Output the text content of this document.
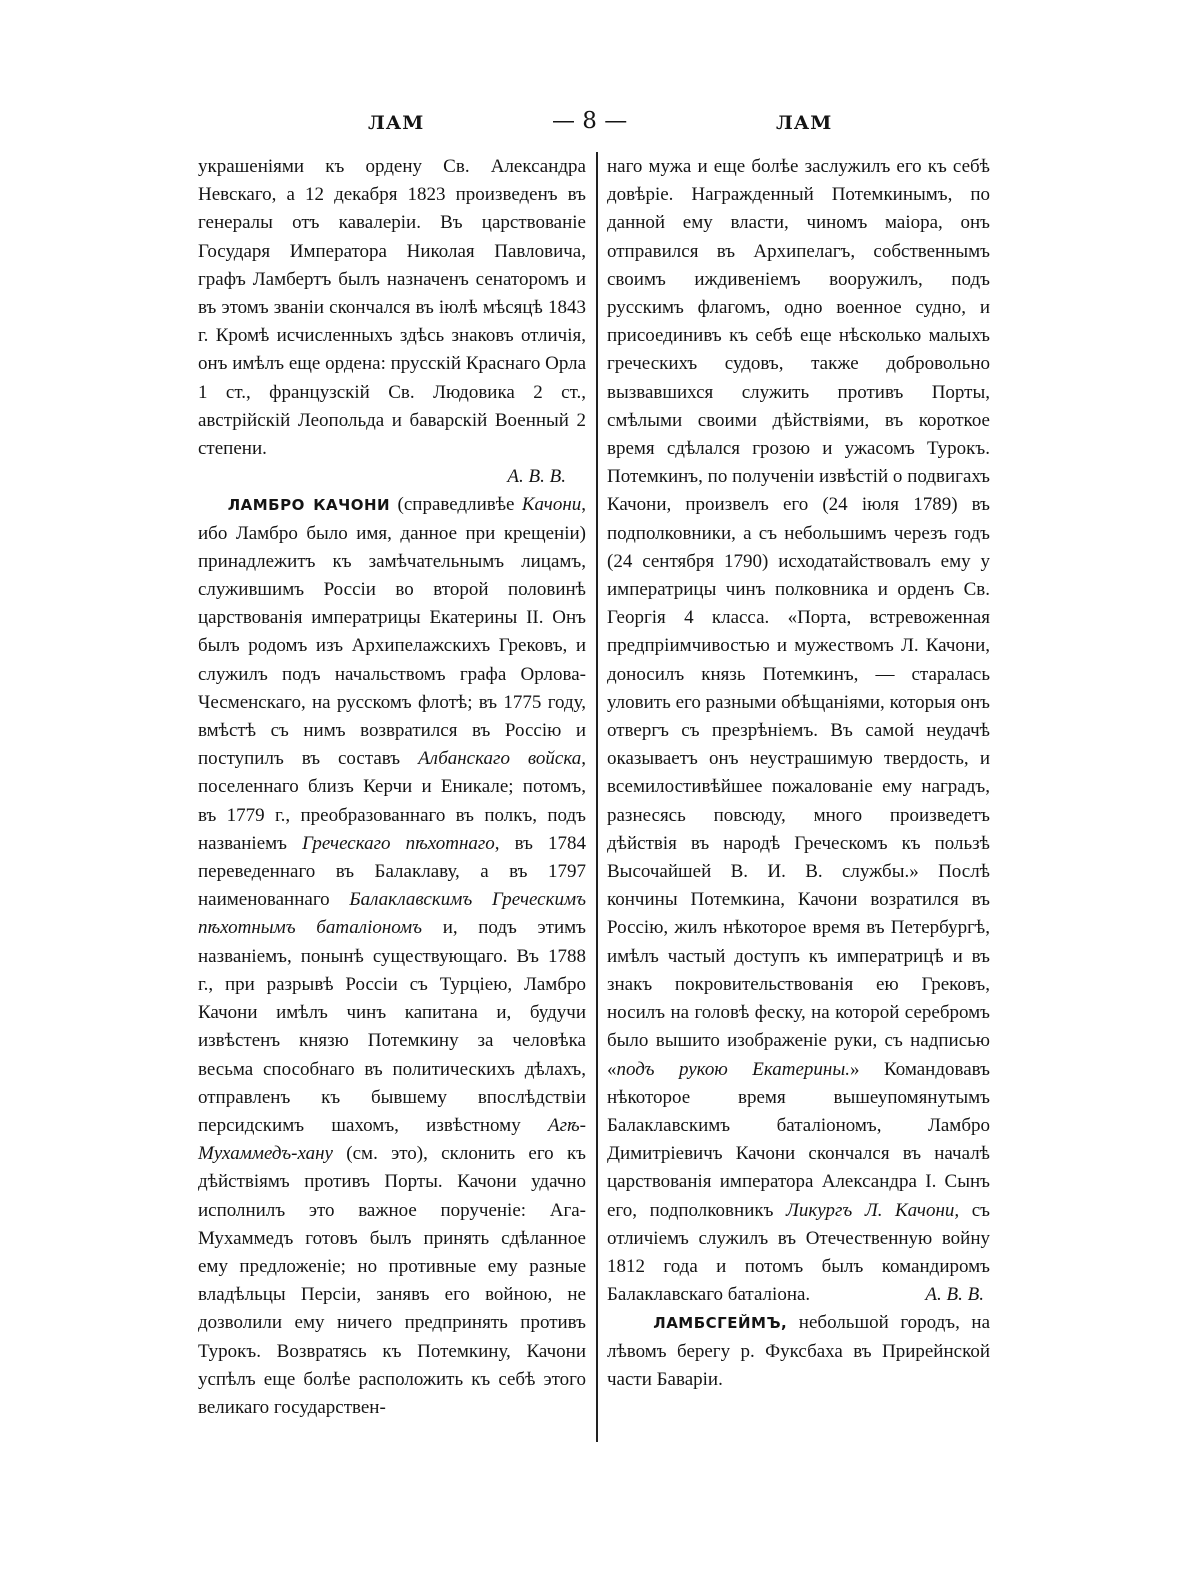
ЛАМ	— 8 —	ЛАМ

украшеніями къ ордену Св. Александра Невскаго, а 12 декабря 1823 произведенъ въ генералы отъ кавалеріи. Въ царствованіе Государя Императора Николая Павловича, графъ Ламбертъ былъ назначенъ сенаторомъ и въ этомъ званіи скончался въ іюлѣ мѣсяцѣ 1843 г. Кромѣ исчисленныхъ здѣсь знаковъ отличія, онъ имѣлъ еще ордена: прусскій Краснаго Орла 1 ст., французскій Св. Людовика 2 ст., австрійскій Леопольда и баварскій Военный 2 степени.

А. В. В.

ЛАМБРО КАЧОНИ (справедливѣе Качони, ибо Ламбро было имя, данное при крещеніи) принадлежитъ къ замѣчательнымъ лицамъ, служившимъ Россіи во второй половинѣ царствованія императрицы Екатерины II. Онъ былъ родомъ изъ Архипелажскихъ Грековъ, и служилъ подъ начальствомъ графа Орлова-Чесменскаго, на русскомъ флотѣ; въ 1775 году, вмѣстѣ съ нимъ возвратился въ Россію и поступилъ въ составъ Албанскаго войска, поселеннаго близъ Керчи и Еникале; потомъ, въ 1779 г., преобразованнаго въ полкъ, подъ названіемъ Греческаго пѣхотнаго, въ 1784 переведеннаго въ Балаклаву, а въ 1797 наименованнаго Балаклавскимъ Греческимъ пѣхотнымъ баталіономъ и, подъ этимъ названіемъ, понынѣ существующаго. Въ 1788 г., при разрывѣ Россіи съ Турціею, Ламбро Качони имѣлъ чинъ капитана и, будучи извѣстенъ князю Потемкину за человѣка весьма способнаго въ политическихъ дѣлахъ, отправленъ къ бывшему впослѣдствіи персидскимъ шахомъ, извѣстному Агѣ-Мухаммедъ-хану (см. это), склонить его къ дѣйствіямъ противъ Порты. Качони удачно исполнилъ это важное порученіе: Ага-Мухаммедъ готовъ былъ принять сдѣланное ему предложеніе; но противные ему разные владѣльцы Персіи, занявъ его войною, не дозволили ему ничего предпринять противъ Турокъ. Возвратясь къ Потемкину, Качони успѣлъ еще болѣе расположить къ себѣ этого великаго государствен-

наго мужа и еще болѣе заслужилъ его къ себѣ довѣріе. Награжденный Потемкинымъ, по данной ему власти, чиномъ маіора, онъ отправился въ Архипелагъ, собственнымъ своимъ иждивеніемъ вооружилъ, подъ русскимъ флагомъ, одно военное судно, и присоединивъ къ себѣ еще нѣсколько малыхъ греческихъ судовъ, также добровольно вызвавшихся служить противъ Порты, смѣлыми своими дѣйствіями, въ короткое время сдѣлался грозою и ужасомъ Турокъ. Потемкинъ, по полученіи извѣстій о подвигахъ Качони, произвелъ его (24 іюля 1789) въ подполковники, а съ небольшимъ черезъ годъ (24 сентября 1790) исходатайствовалъ ему у императрицы чинъ полковника и орденъ Св. Георгія 4 класса. «Порта, встревоженная предпріимчивостью и мужествомъ Л. Качони, доносилъ князь Потемкинъ, — старалась уловить его разными обѣщаніями, которыя онъ отвергъ съ презрѣніемъ. Въ самой неудачѣ оказываетъ онъ неустрашимую твердость, и всемилостивѣйшее пожалованіе ему наградъ, разнесясь повсюду, много произведетъ дѣйствія въ народѣ Греческомъ къ пользѣ Высочайшей В. И. В. службы.» Послѣ кончины Потемкина, Качони возратился въ Россію, жилъ нѣкоторое время въ Петербургѣ, имѣлъ частый доступъ къ императрицѣ и въ знакъ покровительствованія ею Грековъ, носилъ на головѣ феску, на которой серебромъ было вышито изображеніе руки, съ надписью «подъ рукою Екатерины.» Командовавъ нѣкоторое время вышеупомянутымъ Балаклавскимъ баталіономъ, Ламбро Димитріевичъ Качони скончался въ началѣ царствованія императора Александра I. Сынъ его, подполковникъ Ликургъ Л. Качони, съ отличіемъ служилъ въ Отечественную войну 1812 года и потомъ былъ командиромъ Балаклавскаго баталіона.	А. В. В.

ЛАМБСГЕЙМЪ, небольшой городъ, на лѣвомъ берегу р. Фуксбаха въ Прирейнской части Баваріи.
